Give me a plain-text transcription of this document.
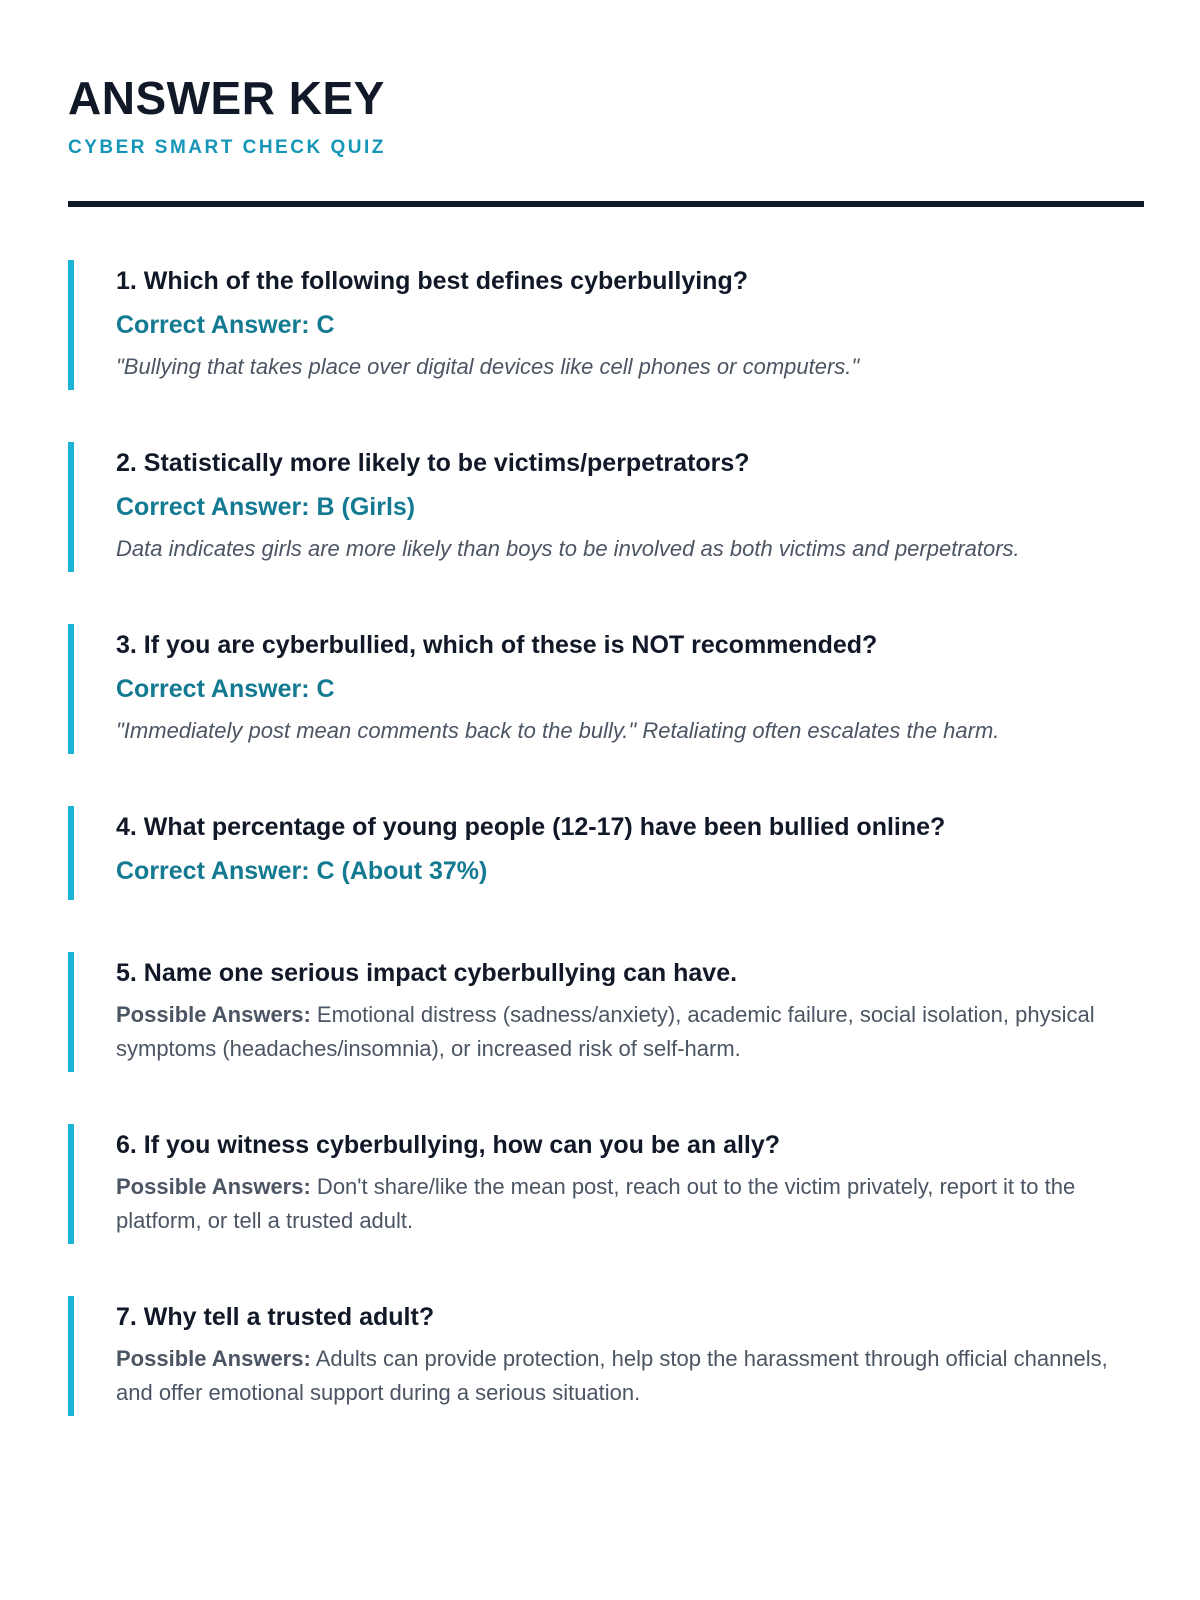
ANSWER KEY
CYBER SMART CHECK QUIZ

1. Which of the following best defines cyberbullying?

Correct Answer: C

"Bullying that takes place over digital devices like cell phones or computers."

2. Statistically more likely to be victims/perpetrators?

Correct Answer: B (Girls)

Data indicates girls are more likely than boys to be involved as both victims and perpetrators.

3. If you are cyberbullied, which of these is NOT recommended?

Correct Answer: C

"Immediately post mean comments back to the bully." Retaliating often escalates the harm.

4. What percentage of young people (12-17) have been bullied online?

Correct Answer: C (About 37%)

5. Name one serious impact cyberbullying can have.

Possible Answers: Emotional distress (sadness/anxiety), academic failure, social isolation, physical symptoms (headaches/insomnia), or increased risk of self-harm.

6. If you witness cyberbullying, how can you be an ally?

Possible Answers: Don't share/like the mean post, reach out to the victim privately, report it to the platform, or tell a trusted adult.

7. Why tell a trusted adult?

Possible Answers: Adults can provide protection, help stop the harassment through official channels, and offer emotional support during a serious situation.
